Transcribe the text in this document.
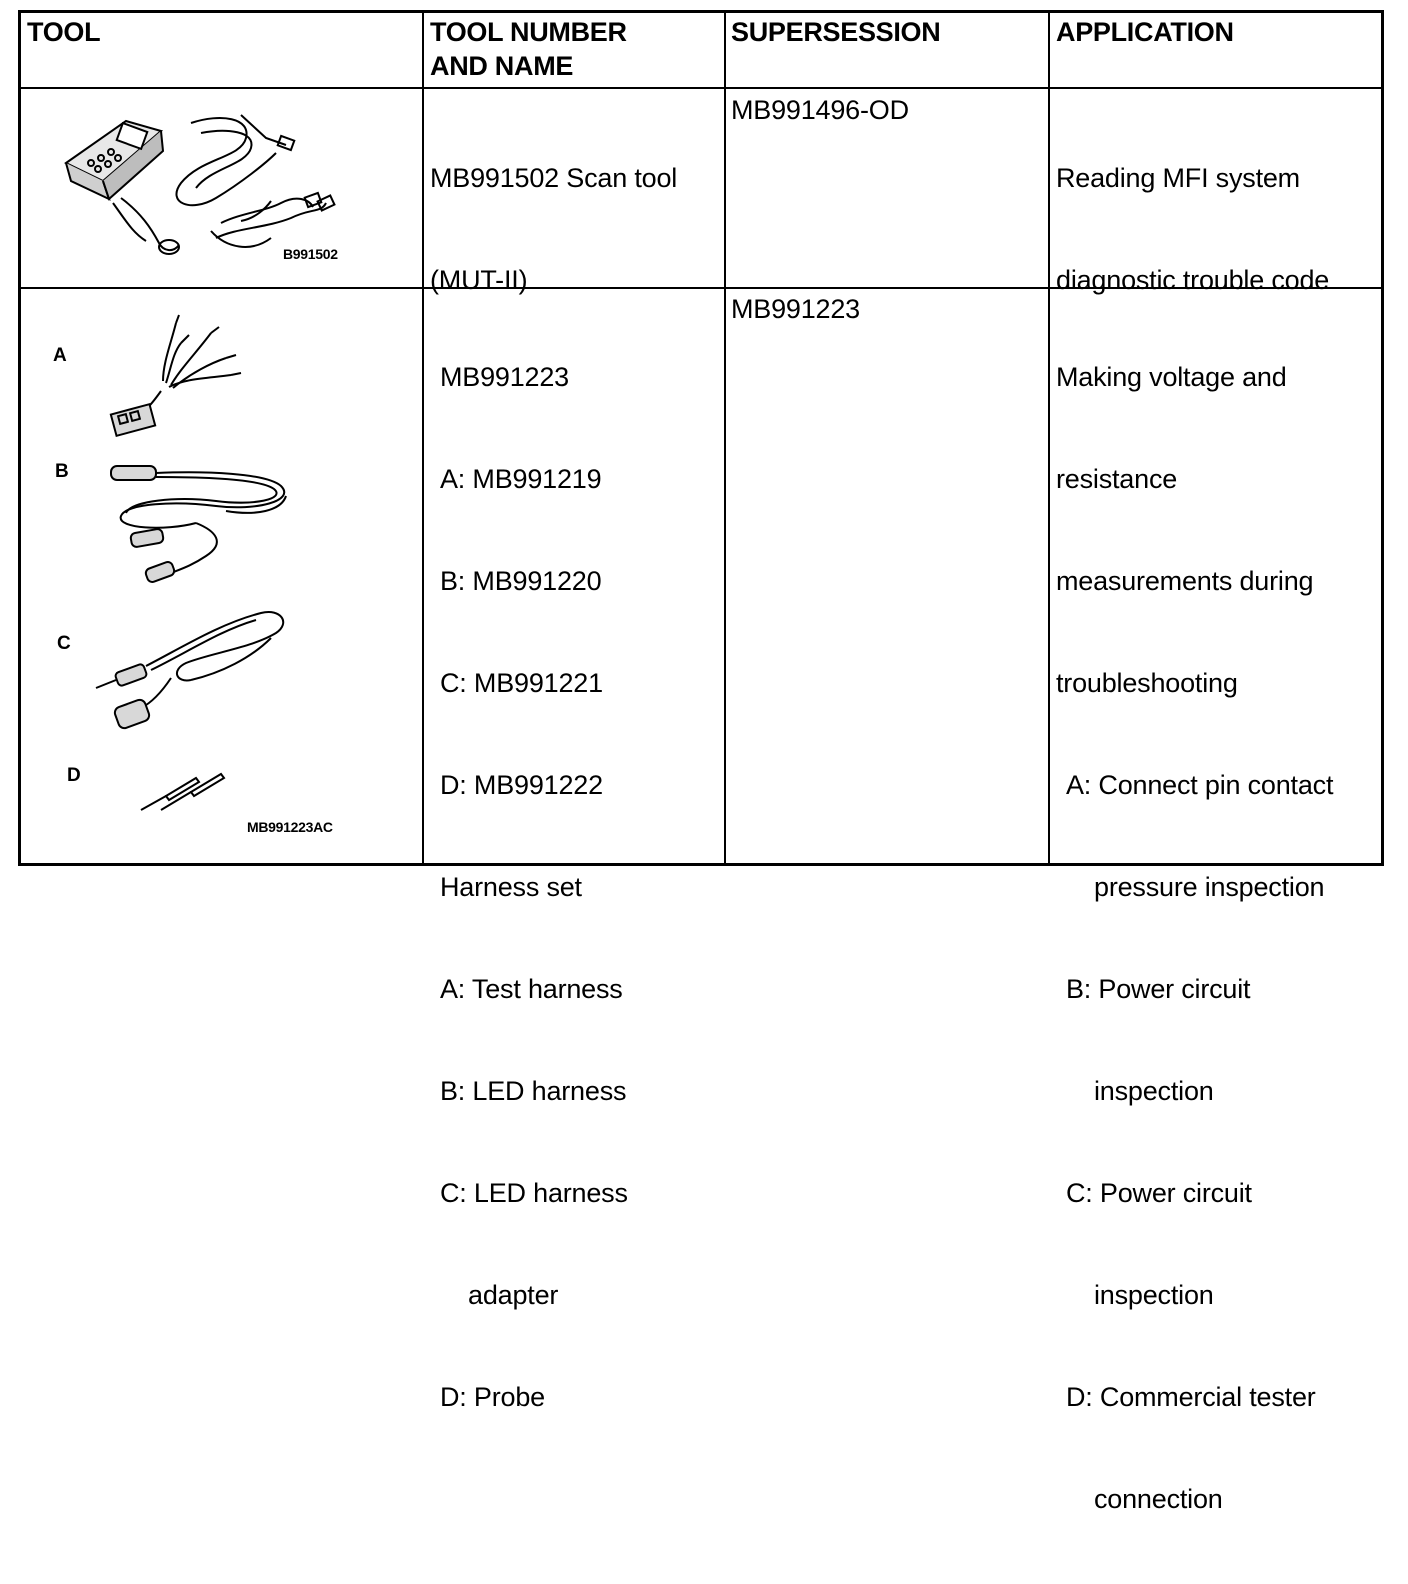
TOOL	TOOL NUMBER
AND NAME
SUPERSESSION	APPLICATION
B991502

MB991502 Scan tool

(MUT-II)

MB991496-OD

Reading MFI system

diagnostic trouble code

A
B
C
D
MB991223AC

MB991223

A: MB991219

B: MB991220

C: MB991221

D: MB991222

Harness set

A: Test harness

B: LED harness

C: LED harness

adapter

D: Probe

MB991223

Making voltage and

resistance

measurements during

troubleshooting

A: Connect pin contact

pressure inspection

B: Power circuit

inspection

C: Power circuit

inspection

D: Commercial tester

connection
